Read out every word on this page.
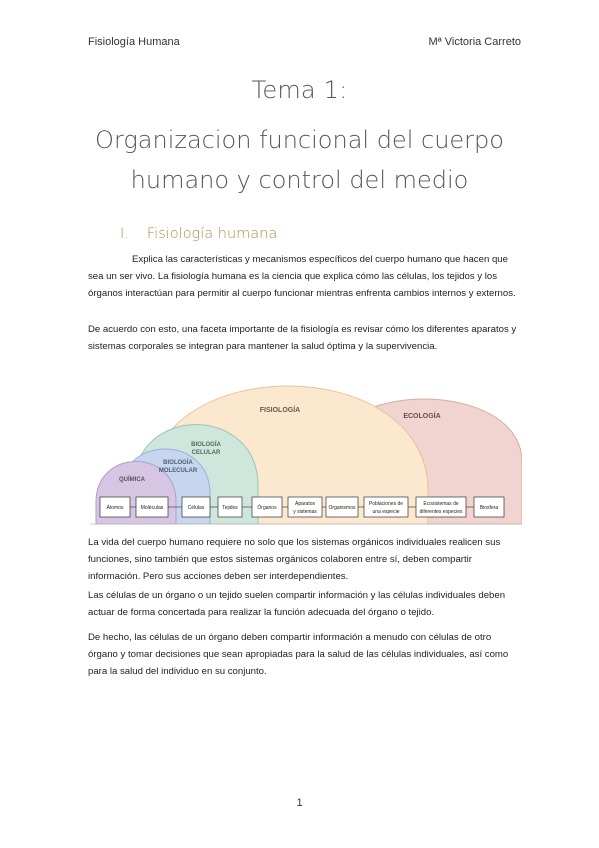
Fisiología Humana	Mª Victoria Carreto
Tema 1:
Organizacion funcional del cuerpo
humano y control del medio
I. Fisiología humana

Explica las características y mecanismos específicos del cuerpo humano que hacen que sea un ser vivo. La fisiología humana es la ciencia que explica cómo las células, los tejidos y los órganos interactúan para permitir al cuerpo funcionar mientras enfrenta cambios internos y externos.

De acuerdo con esto, una faceta importante de la fisiología es revisar cómo los diferentes aparatos y sistemas corporales se integran para mantener la salud óptima y la supervivencia.

QUÍMICA
BIOLOGÍA
MOLECULAR
BIOLOGÍA
CELULAR
FISIOLOGÍA
ECOLOGÍA
Átomos	Moléculas	Células	Tejidos	Órganos
Aparatos
y sistemas
Organismos
Poblaciones de
una especie
Ecosistemas de
diferentes especies
Biosfera

La vida del cuerpo humano requiere no solo que los sistemas orgánicos individuales realicen sus funciones, sino también que estos sistemas orgánicos colaboren entre sí, deben compartir información. Pero sus acciones deben ser interdependientes.

Las células de un órgano o un tejido suelen compartir información y las células individuales deben actuar de forma concertada para realizar la función adecuada del órgano o tejido.

De hecho, las células de un órgano deben compartir información a menudo con células de otro órgano y tomar decisiones que sean apropiadas para la salud de las células individuales, así como para la salud del individuo en su conjunto.

1
